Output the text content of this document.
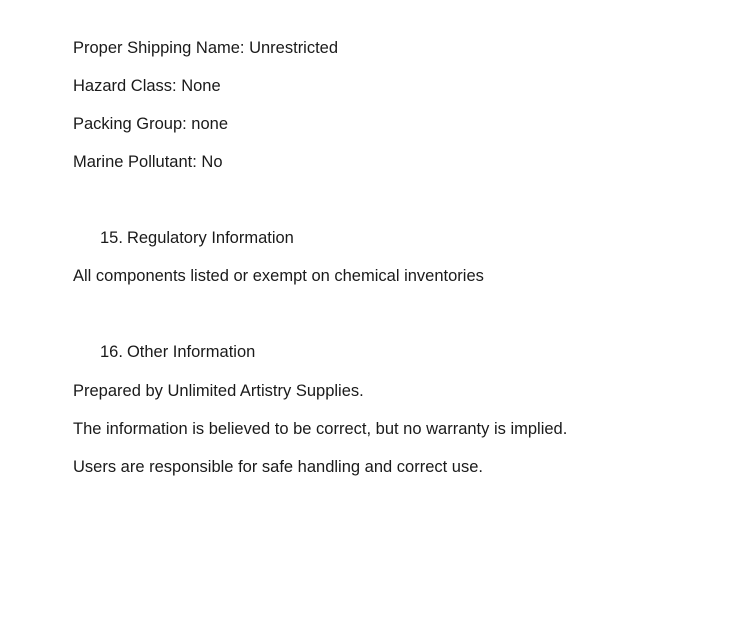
Proper Shipping Name: Unrestricted
Hazard Class: None
Packing Group: none
Marine Pollutant: No
15. Regulatory Information
All components listed or exempt on chemical inventories
16. Other Information
Prepared by Unlimited Artistry Supplies.
The information is believed to be correct, but no warranty is implied.
Users are responsible for safe handling and correct use.
